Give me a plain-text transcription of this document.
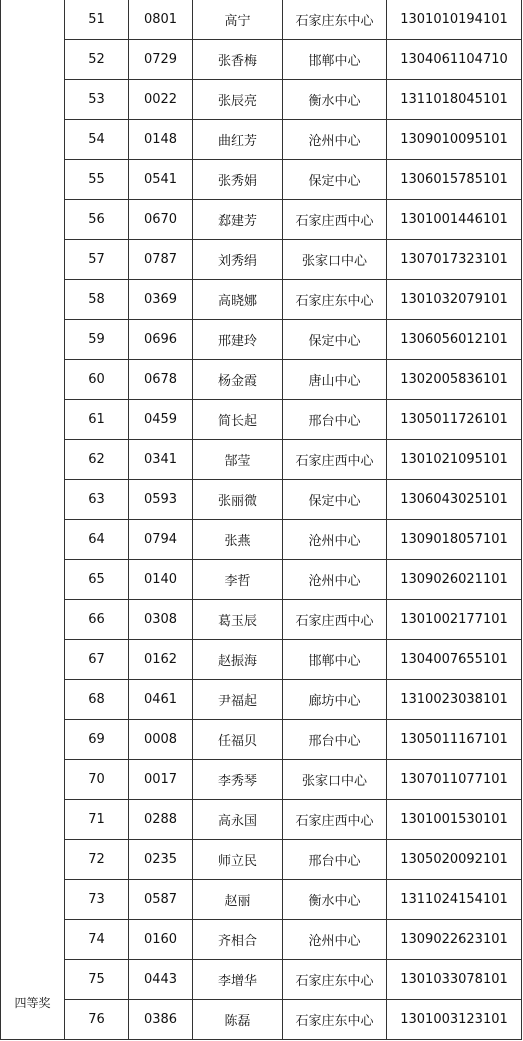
四等奖	51	0801	高宁	石家庄东中心	1301010194101
	52	0729	张香梅	邯郸中心	1304061104710
	53	0022	张辰亮	衡水中心	1311018045101
	54	0148	曲红芳	沧州中心	1309010095101
	55	0541	张秀娟	保定中心	1306015785101
	56	0670	郄建芳	石家庄西中心	1301001446101
	57	0787	刘秀绢	张家口中心	1307017323101
	58	0369	高晓娜	石家庄东中心	1301032079101
	59	0696	邢建玲	保定中心	1306056012101
	60	0678	杨金霞	唐山中心	1302005836101
	61	0459	简长起	邢台中心	1305011726101
	62	0341	郜莹	石家庄西中心	1301021095101
	63	0593	张丽微	保定中心	1306043025101
	64	0794	张燕	沧州中心	1309018057101
	65	0140	李哲	沧州中心	1309026021101
	66	0308	葛玉辰	石家庄西中心	1301002177101
	67	0162	赵振海	邯郸中心	1304007655101
	68	0461	尹福起	廊坊中心	1310023038101
	69	0008	任福贝	邢台中心	1305011167101
	70	0017	李秀琴	张家口中心	1307011077101
	71	0288	高永国	石家庄西中心	1301001530101
	72	0235	师立民	邢台中心	1305020092101
	73	0587	赵丽	衡水中心	1311024154101
	74	0160	齐相合	沧州中心	1309022623101
	75	0443	李增华	石家庄东中心	1301033078101
	76	0386	陈磊	石家庄东中心	1301003123101
